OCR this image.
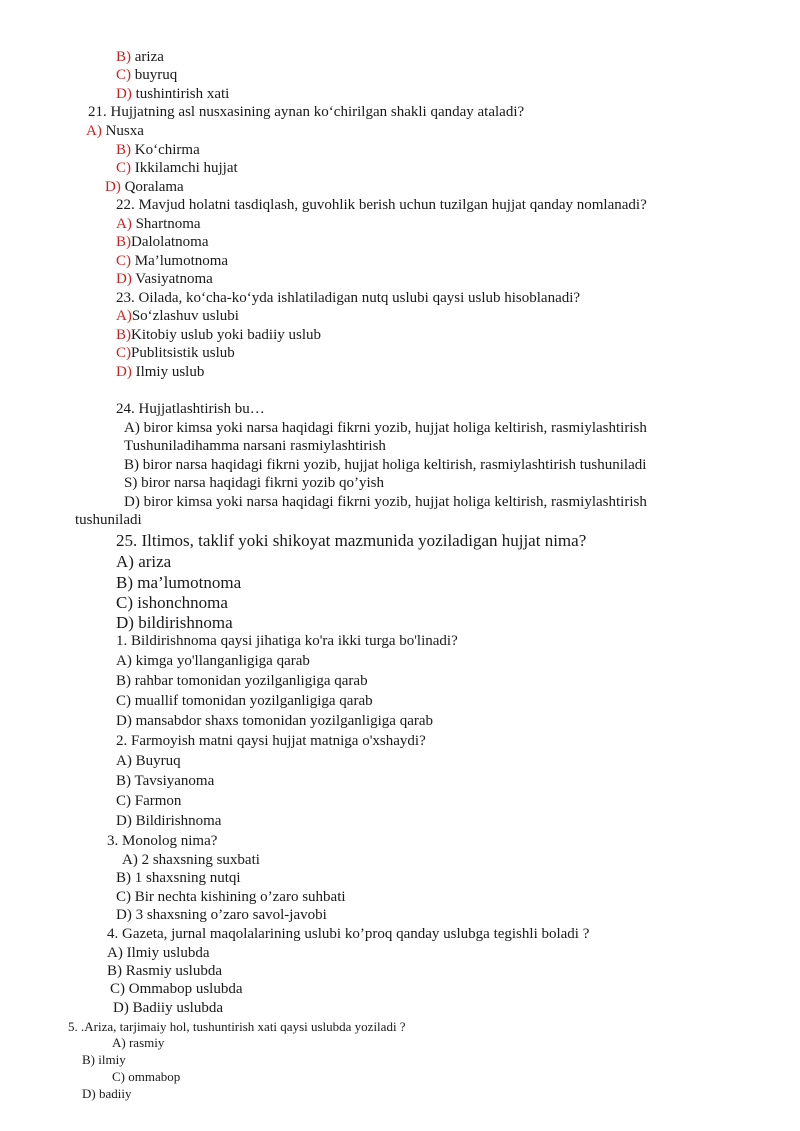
B) ariza
C) buyruq
D) tushintirish xati
21. Hujjatning asl nusxasining aynan koʻchirilgan shakli qanday ataladi?
A) Nusxa
B) Koʻchirma
C) Ikkilamchi hujjat
D) Qoralama
22. Mavjud holatni tasdiqlash, guvohlik berish uchun tuzilgan hujjat qanday nomlanadi?
A) Shartnoma
B)Dalolatnoma
C) Ma’lumotnoma
D) Vasiyatnoma
23. Oilada, koʻcha-koʻyda ishlatiladigan nutq uslubi qaysi uslub hisoblanadi?
A)Soʻzlashuv uslubi
B)Kitobiy uslub yoki badiiy uslub
C)Publitsistik uslub
D) Ilmiy uslub
24. Hujjatlashtirish bu…
A) biror kimsa yoki narsa haqidagi fikrni yozib, hujjat holiga keltirish, rasmiylashtirish
Tushuniladihamma narsani rasmiylashtirish
B) biror narsa haqidagi fikrni yozib, hujjat holiga keltirish, rasmiylashtirish tushuniladi
S) biror narsa haqidagi fikrni yozib qo’yish
D) biror kimsa yoki narsa haqidagi fikrni yozib, hujjat holiga keltirish, rasmiylashtirish
tushuniladi
25. Iltimos, taklif yoki shikoyat mazmunida yoziladigan hujjat nima?
A) ariza
B) ma’lumotnoma
C) ishonchnoma
D) bildirishnoma
1. Bildirishnoma qaysi jihatiga ko'ra ikki turga bo'linadi?
A) kimga yo'llanganligiga qarab
B) rahbar tomonidan yozilganligiga qarab
C) muallif tomonidan yozilganligiga qarab
D) mansabdor shaxs tomonidan yozilganligiga qarab
2. Farmoyish matni qaysi hujjat matniga o'xshaydi?
A) Buyruq
B) Tavsiyanoma
C) Farmon
D) Bildirishnoma
3. Monolog nima?
A) 2 shaxsning suxbati
B) 1 shaxsning nutqi
C) Bir nechta kishining o’zaro suhbati
D) 3 shaxsning o’zaro savol-javobi
4. Gazeta, jurnal maqolalarining uslubi ko’proq qanday uslubga tegishli boladi ?
A) Ilmiy uslubda
B) Rasmiy uslubda
C) Ommabop uslubda
D) Badiiy uslubda
5. .Ariza, tarjimaiy hol, tushuntirish xati qaysi uslubda yoziladi ?
A) rasmiy
B) ilmiy
C) ommabop
D) badiiy
